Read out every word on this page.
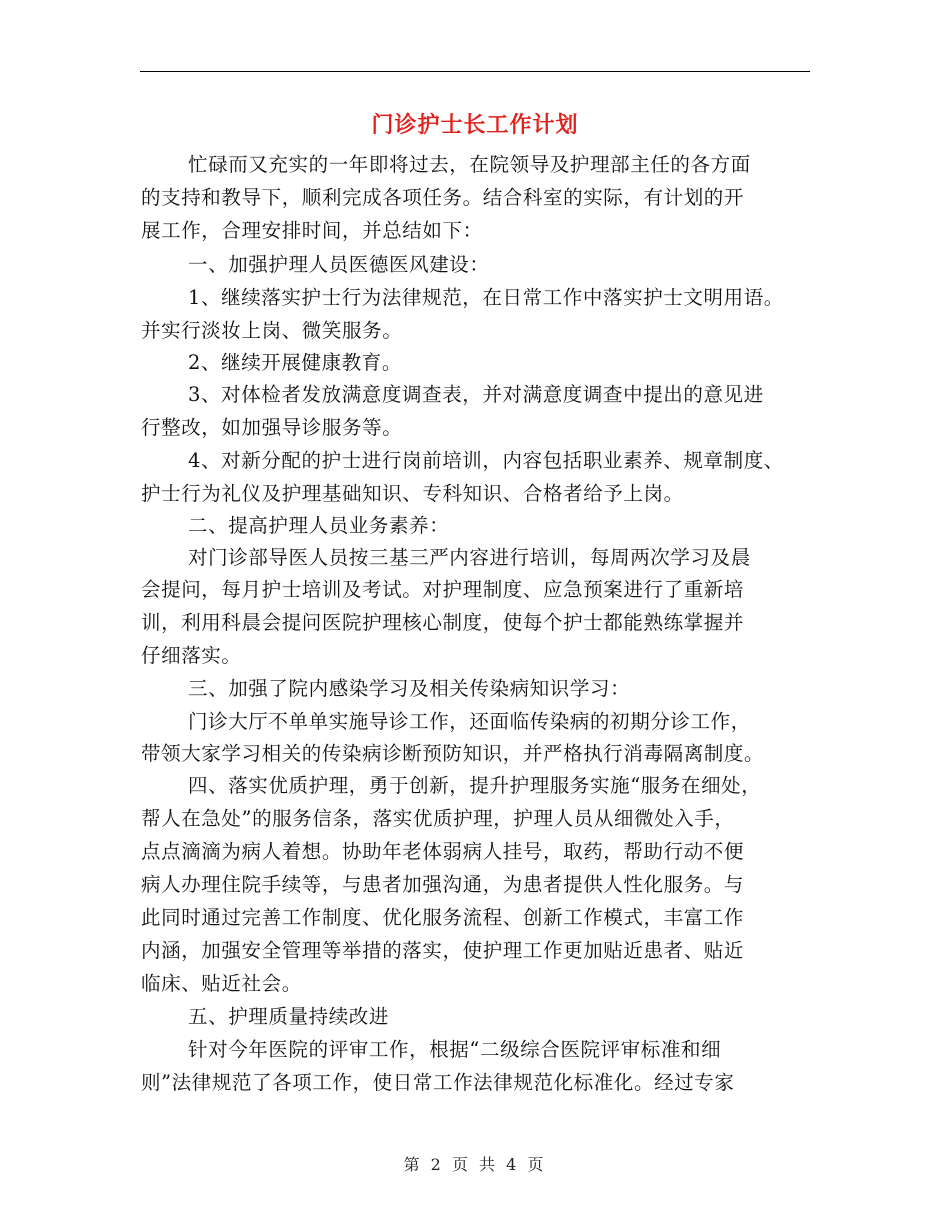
门诊护士长工作计划
忙碌而又充实的一年即将过去，在院领导及护理部主任的各方面
的支持和教导下，顺利完成各项任务。结合科室的实际，有计划的开
展工作，合理安排时间，并总结如下：
一、加强护理人员医德医风建设：
1、继续落实护士行为法律规范，在日常工作中落实护士文明用语。
并实行淡妆上岗、微笑服务。
2、继续开展健康教育。
3、对体检者发放满意度调查表，并对满意度调查中提出的意见进
行整改，如加强导诊服务等。
4、对新分配的护士进行岗前培训，内容包括职业素养、规章制度、
护士行为礼仪及护理基础知识、专科知识、合格者给予上岗。
二、提高护理人员业务素养：
对门诊部导医人员按三基三严内容进行培训，每周两次学习及晨
会提问，每月护士培训及考试。对护理制度、应急预案进行了重新培
训，利用科晨会提问医院护理核心制度，使每个护士都能熟练掌握并
仔细落实。
三、加强了院内感染学习及相关传染病知识学习：
门诊大厅不单单实施导诊工作，还面临传染病的初期分诊工作，
带领大家学习相关的传染病诊断预防知识，并严格执行消毒隔离制度。
四、落实优质护理，勇于创新，提升护理服务实施“服务在细处，
帮人在急处”的服务信条，落实优质护理，护理人员从细微处入手，
点点滴滴为病人着想。协助年老体弱病人挂号，取药，帮助行动不便
病人办理住院手续等，与患者加强沟通，为患者提供人性化服务。与
此同时通过完善工作制度、优化服务流程、创新工作模式，丰富工作
内涵，加强安全管理等举措的落实，使护理工作更加贴近患者、贴近
临床、贴近社会。
五、护理质量持续改进
针对今年医院的评审工作，根据“二级综合医院评审标准和细
则”法律规范了各项工作，使日常工作法律规范化标准化。经过专家
第 2 页 共 4 页
